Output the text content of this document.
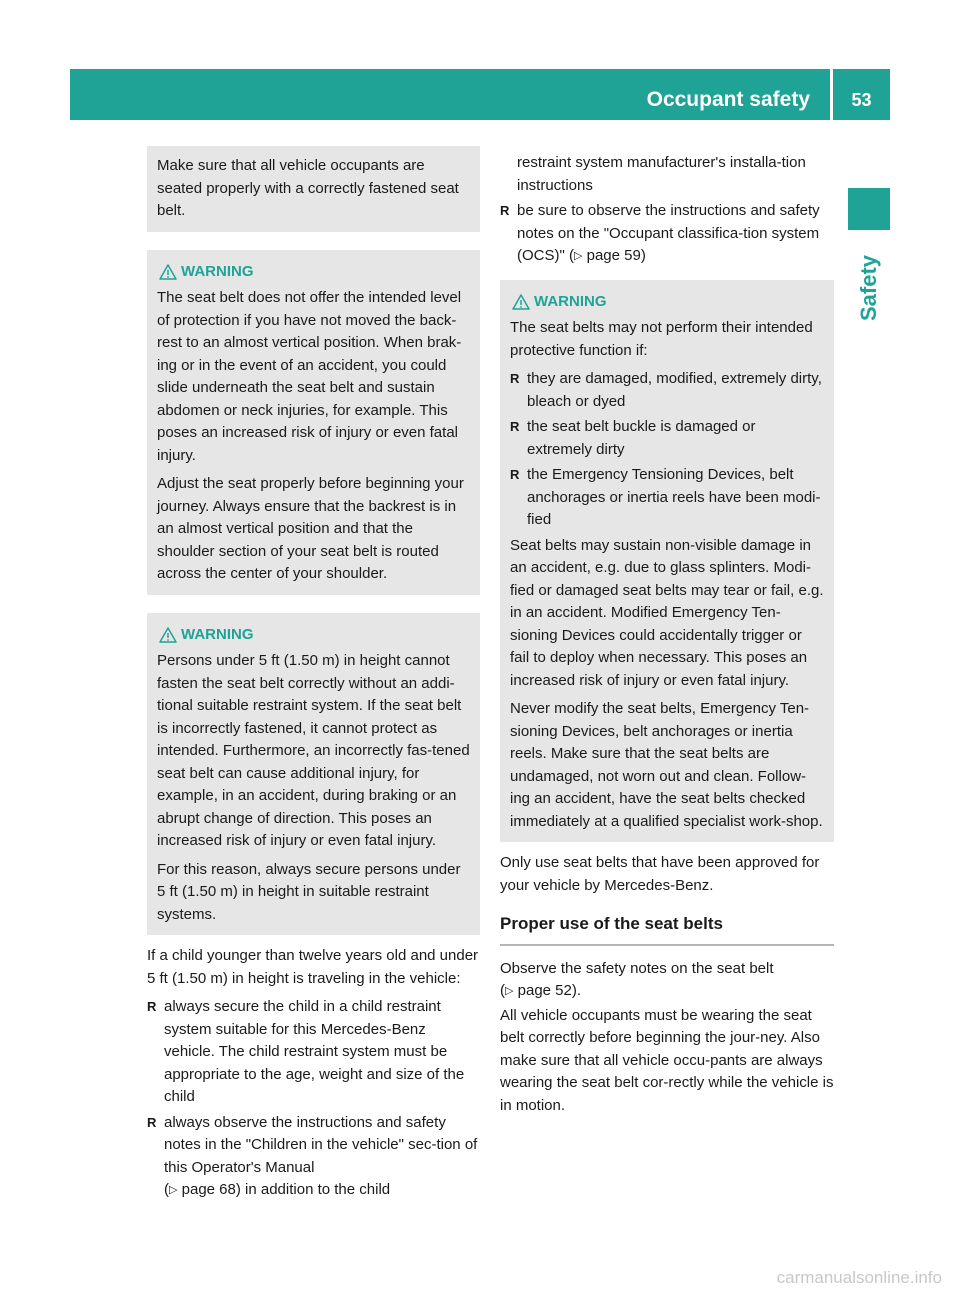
Occupant safety	53
Safety

Make sure that all vehicle occupants are seated properly with a correctly fastened seat belt.

WARNING

The seat belt does not offer the intended level of protection if you have not moved the back-rest to an almost vertical position. When brak-ing or in the event of an accident, you could slide underneath the seat belt and sustain abdomen or neck injuries, for example. This poses an increased risk of injury or even fatal injury.

Adjust the seat properly before beginning your journey. Always ensure that the backrest is in an almost vertical position and that the shoulder section of your seat belt is routed across the center of your shoulder.

WARNING

Persons under 5 ft (1.50 m) in height cannot fasten the seat belt correctly without an addi-tional suitable restraint system. If the seat belt is incorrectly fastened, it cannot protect as intended. Furthermore, an incorrectly fas-tened seat belt can cause additional injury, for example, in an accident, during braking or an abrupt change of direction. This poses an increased risk of injury or even fatal injury.

For this reason, always secure persons under 5 ft (1.50 m) in height in suitable restraint systems.

If a child younger than twelve years old and under 5 ft (1.50 m) in height is traveling in the vehicle:

R always secure the child in a child restraint system suitable for this Mercedes-Benz vehicle. The child restraint system must be appropriate to the age, weight and size of the child
R always observe the instructions and safety notes in the "Children in the vehicle" sec-tion of this Operator's Manual
(▷ page 68) in addition to the child
restraint system manufacturer's installa-tion instructions
R be sure to observe the instructions and safety notes on the "Occupant classifica-tion system (OCS)" (▷ page 59)
WARNING

The seat belts may not perform their intended protective function if:

R they are damaged, modified, extremely dirty, bleach or dyed
R the seat belt buckle is damaged or extremely dirty
R the Emergency Tensioning Devices, belt anchorages or inertia reels have been modi-fied

Seat belts may sustain non-visible damage in an accident, e.g. due to glass splinters. Modi-fied or damaged seat belts may tear or fail, e.g. in an accident. Modified Emergency Ten-sioning Devices could accidentally trigger or fail to deploy when necessary. This poses an increased risk of injury or even fatal injury.

Never modify the seat belts, Emergency Ten-sioning Devices, belt anchorages or inertia reels. Make sure that the seat belts are undamaged, not worn out and clean. Follow-ing an accident, have the seat belts checked immediately at a qualified specialist work-shop.

Only use seat belts that have been approved for your vehicle by Mercedes-Benz.

Proper use of the seat belts

Observe the safety notes on the seat belt
(▷ page 52).

All vehicle occupants must be wearing the seat belt correctly before beginning the jour-ney. Also make sure that all vehicle occu-pants are always wearing the seat belt cor-rectly while the vehicle is in motion.

carmanualsonline.info
